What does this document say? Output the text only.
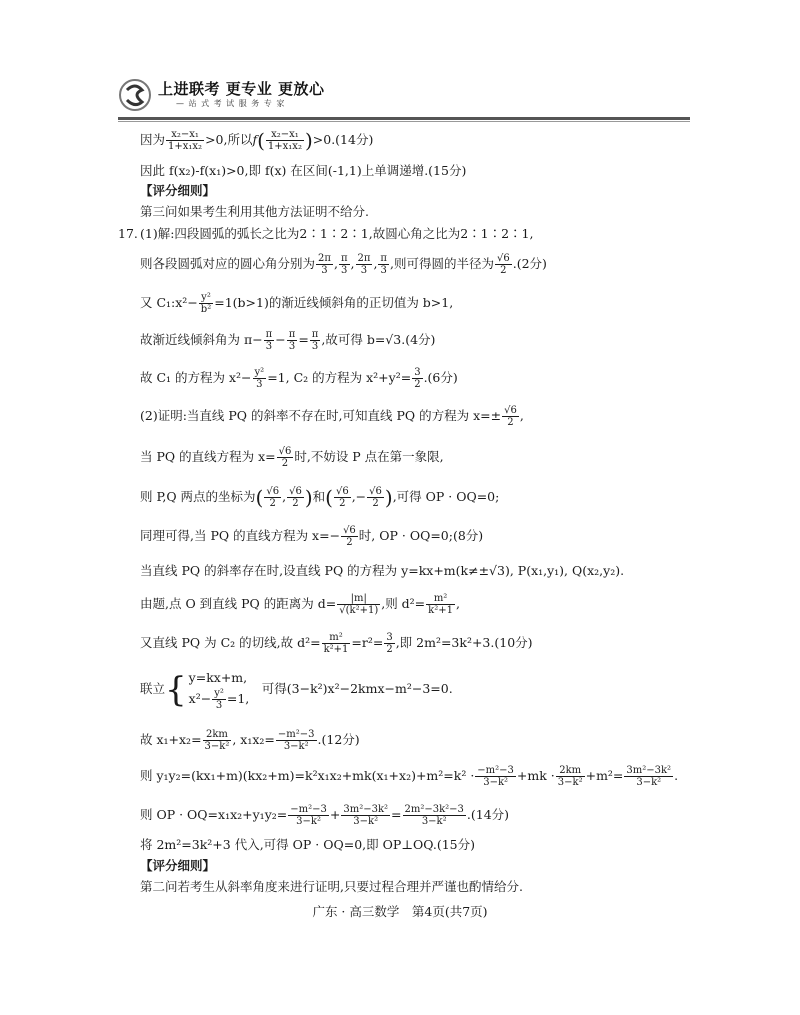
上进联考 更专业 更放心
— 站 式 考 试 服 务 专 家
因为 $\frac{\text{x₂−x₁}}{\text{1+x₁x₂}} >0$,所以$f( \frac{\text{x₂−x₁}}{\text{1+x₁x₂}} )>0.(14$分)
因此 f(x₂)-f(x₁)>0,即 f(x) 在区间(-1,1)上单调递增.(15分)
【评分细则】
第三问如果考生利用其他方法证明不给分.
17. (1)解:四段圆弧的弧长之比为2∶1∶2∶1,故圆心角之比为2∶1∶2∶1,
则各段圆弧对应的圆心角分别为 $\frac{2\pi}{3}$ , $\frac{\pi}{3}$ , $\frac{2\pi}{3}$ , $\frac{\pi}{3}$ ,则可得圆的半径为 $\frac{√6}{2} .(2$分)
又 C₁:x²− $\frac{\text{y²}}{\text{b²}} =1(b>1)$的渐近线倾斜角的正切值为 b>1,
故渐近线倾斜角为 $\pi- \frac{\pi}{3} - \frac{\pi}{3} = \frac{\pi}{3}$ ,故可得 b=√3.(4分)
故 C₁ 的方程为 $x^2- \frac{\text{y²}}{3} =1$, C₂ 的方程为 $x^2+y^2= \frac{3}{2} .(6$分)
(2)证明:当直线 PQ 的斜率不存在时,可知直线 PQ 的方程为 $x=\pm \frac{√6}{2}$ ,
当 PQ 的直线方程为 $x= \frac{√6}{2}$ 时,不妨设 P 点在第一象限,
则 P,Q 两点的坐标为( $\frac{√6}{2}$ , $\frac{√6}{2}$ )和( $\frac{√6}{2}$ ,− $\frac{√6}{2}$ ),可得 OP · OQ=0;
同理可得,当 PQ 的直线方程为 $x=- \frac{√6}{2}$ 时, OP · OQ=0;(8分)
当直线 PQ 的斜率存在时,设直线 PQ 的方程为 y=kx+m(k≠±√3), P(x₁,y₁), Q(x₂,y₂).
由题,点 O 到直线 PQ 的距离为 $d= \frac{|m|}{\text{√(k²+1)}}$ ,则 $d^2= \frac{\text{m²}}{\text{k²+1}}$ ,
又直线 PQ 为 C₂ 的切线,故 $d^2= \frac{\text{m²}}{\text{k²+1}} =r^2= \frac{3}{2}$ ,即 2m²=3k²+3.(10分)
联立{ y=kx+m,
$x^2- \frac{\text{y²}}{3} =1$,
　可得(3−k²)x²−2kmx−m²−3=0.
故 $x_1+x_2= \frac{2km}{\text{3−k²}}$ , $x_1x_2= \frac{\text{−m²−3}}{\text{3−k²}} .(12$分)
则 $y_1y_2=(kx_1+m)(kx_2+m)=k^2x_1x_2+mk(x_1+x_2)+m^2=k^2 \cdot \frac{\text{−m²−3}}{\text{3−k²}} +mk \cdot \frac{2km}{\text{3−k²}} +m^2= \frac{\text{3m²−3k²}}{\text{3−k²}}$ .
则 OP · $OQ=x_1x_2+y_1y_2= \frac{\text{−m²−3}}{\text{3−k²}} + \frac{\text{3m²−3k²}}{\text{3−k²}} = \frac{\text{2m²−3k²−3}}{\text{3−k²}} .(14$分)
将 2m²=3k²+3 代入,可得 OP · OQ=0,即 OP⊥OQ.(15分)
【评分细则】
第二问若考生从斜率角度来进行证明,只要过程合理并严谨也酌情给分.
广东 · 高三数学　第4页(共7页)
